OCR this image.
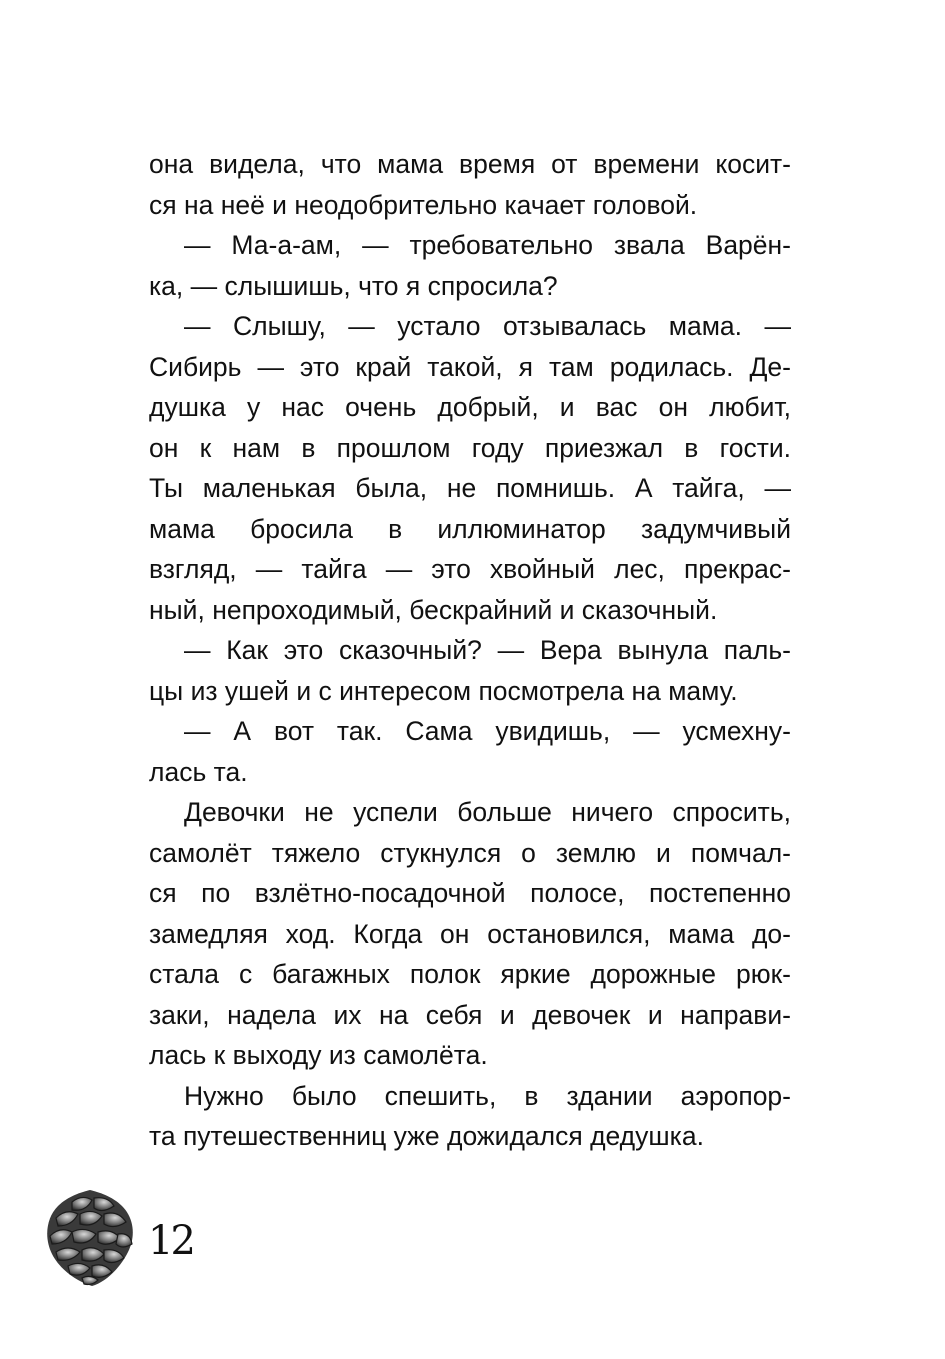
она видела, что мама время от времени косит-
ся на неё и неодобрительно качает головой.
— Ма-а-ам, — требовательно звала Варён-
ка, — слышишь, что я спросила?
— Слышу, — устало отзывалась мама. —
Сибирь — это край такой, я там родилась. Де-
душка у нас очень добрый, и вас он любит,
он к нам в прошлом году приезжал в гости.
Ты маленькая была, не помнишь. А тайга, —
мама бросила в иллюминатор задумчивый
взгляд, — тайга — это хвойный лес, прекрас-
ный, непроходимый, бескрайний и сказочный.
— Как это сказочный? — Вера вынула паль-
цы из ушей и с интересом посмотрела на маму.
— А вот так. Сама увидишь, — усмехну-
лась та.
Девочки не успели больше ничего спросить,
самолёт тяжело стукнулся о землю и помчал-
ся по взлётно-посадочной полосе, постепенно
замедляя ход. Когда он остановился, мама до-
стала с багажных полок яркие дорожные рюк-
заки, надела их на себя и девочек и направи-
лась к выходу из самолёта.
Нужно было спешить, в здании аэропор-
та путешественниц уже дожидался дедушка.
12
